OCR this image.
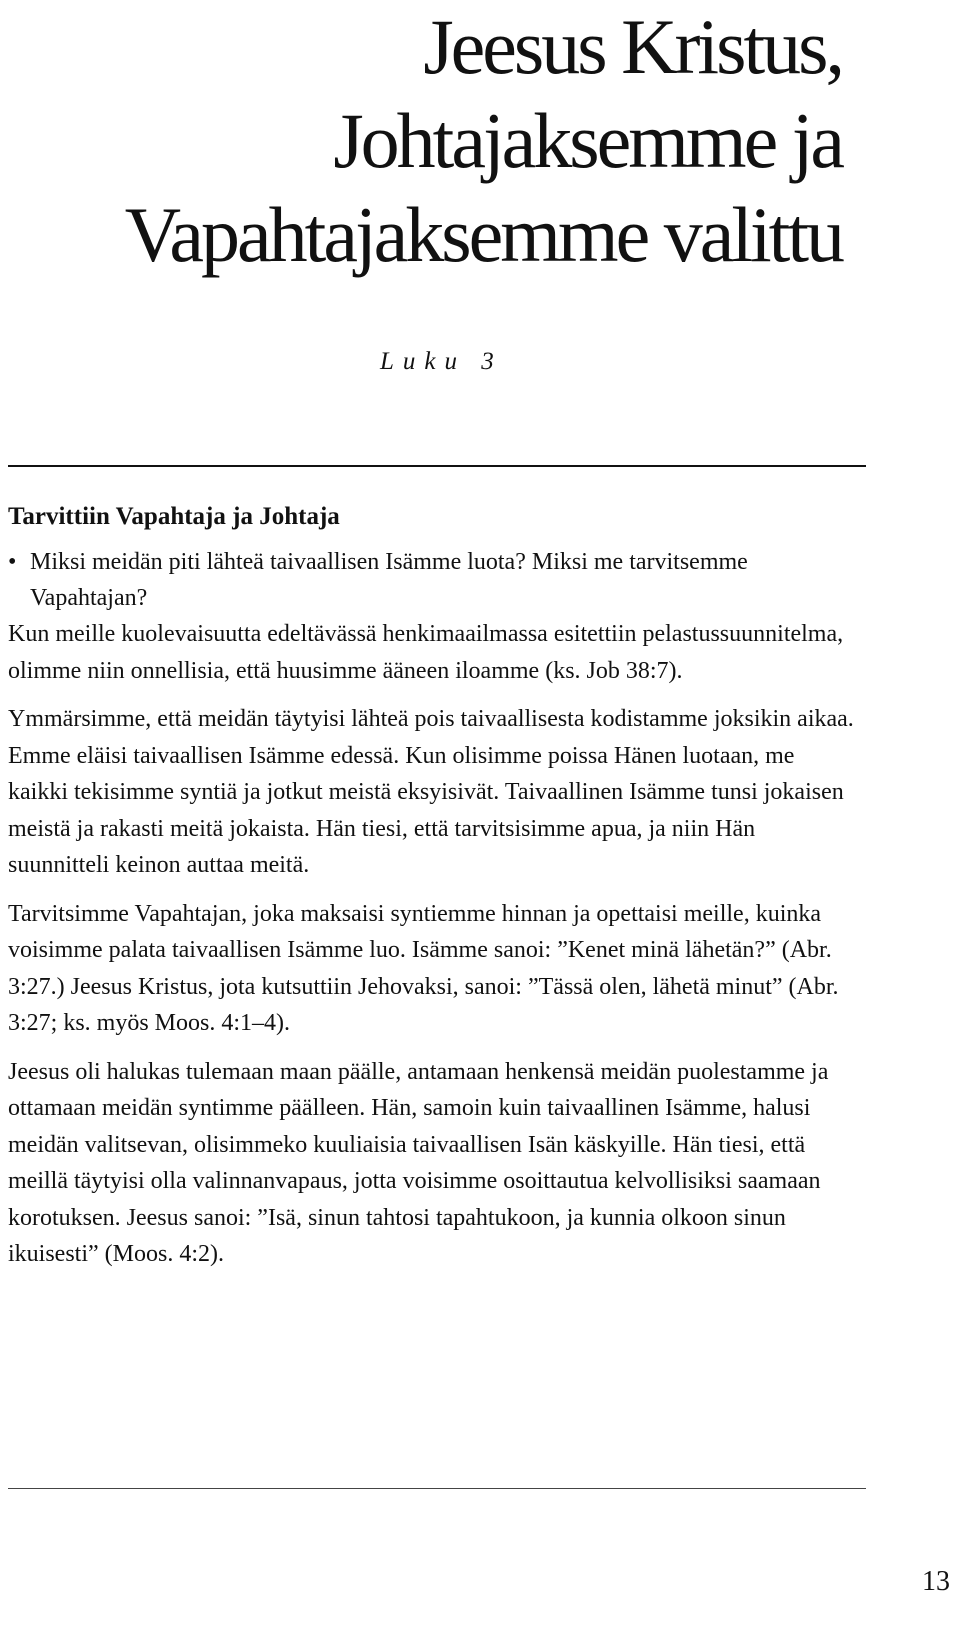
Jeesus Kristus,
Johtajaksemme ja
Vapahtajaksemme valittu
Luku 3
Tarvittiin Vapahtaja ja Johtaja
• Miksi meidän piti lähteä taivaallisen Isämme luota? Miksi me tarvitsemme Vapahtajan?

Kun meille kuolevaisuutta edeltävässä henkimaailmassa esitettiin pelastussuunnitelma, olimme niin onnellisia, että huusimme ääneen iloamme (ks. Job 38:7).

Ymmärsimme, että meidän täytyisi lähteä pois taivaallisesta kodistamme joksikin aikaa. Emme eläisi taivaallisen Isämme edessä. Kun olisimme poissa Hänen luotaan, me kaikki tekisimme syntiä ja jotkut meistä eksyisivät. Taivaallinen Isämme tunsi jokaisen meistä ja rakasti meitä jokaista. Hän tiesi, että tarvitsisimme apua, ja niin Hän suunnitteli keinon auttaa meitä.

Tarvitsimme Vapahtajan, joka maksaisi syntiemme hinnan ja opettaisi meille, kuinka voisimme palata taivaallisen Isämme luo. Isämme sanoi: ”Kenet minä lähetän?” (Abr. 3:27.) Jeesus Kristus, jota kutsuttiin Jehovaksi, sanoi: ”Tässä olen, lähetä minut” (Abr. 3:27; ks. myös Moos. 4:1–4).

Jeesus oli halukas tulemaan maan päälle, antamaan henkensä meidän puolestamme ja ottamaan meidän syntimme päälleen. Hän, samoin kuin taivaallinen Isämme, halusi meidän valitsevan, olisimmeko kuuliaisia taivaallisen Isän käskyille. Hän tiesi, että meillä täytyisi olla valinnanvapaus, jotta voisimme osoittautua kelvollisiksi saamaan korotuksen. Jeesus sanoi: ”Isä, sinun tahtosi tapahtukoon, ja kunnia olkoon sinun ikuisesti” (Moos. 4:2).

13
